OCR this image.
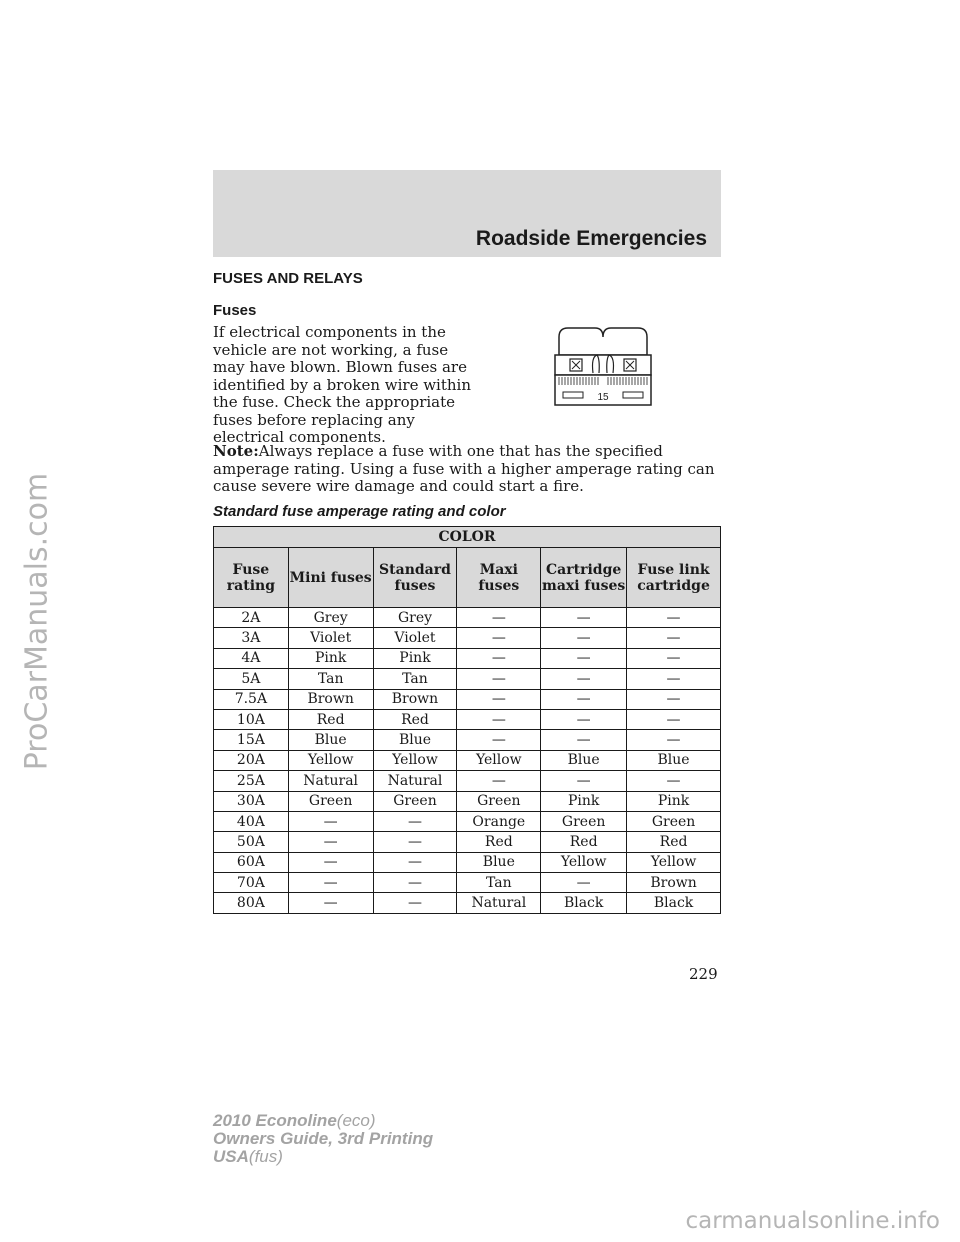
ProCarManuals.com
Roadside Emergencies
FUSES AND RELAYS
Fuses
If electrical components in the vehicle are not working, a fuse may have blown. Blown fuses are identified by a broken wire within the fuse. Check the appropriate fuses before replacing any electrical components.
15
Note:Always replace a fuse with one that has the specified amperage rating. Using a fuse with a higher amperage rating can cause severe wire damage and could start a fire.
Standard fuse amperage rating and color
COLOR					
Fuse rating	Mini fuses	Standard fuses	Maxi fuses	Cartridge maxi fuses	Fuse link cartridge
2A	Grey	Grey	—	—	—
3A	Violet	Violet	—	—	—
4A	Pink	Pink	—	—	—
5A	Tan	Tan	—	—	—
7.5A	Brown	Brown	—	—	—
10A	Red	Red	—	—	—
15A	Blue	Blue	—	—	—
20A	Yellow	Yellow	Yellow	Blue	Blue
25A	Natural	Natural	—	—	—
30A	Green	Green	Green	Pink	Pink
40A	—	—	Orange	Green	Green
50A	—	—	Red	Red	Red
60A	—	—	Blue	Yellow	Yellow
70A	—	—	Tan	—	Brown
80A	—	—	Natural	Black	Black
229
2010 Econoline(eco)
Owners Guide, 3rd Printing
USA(fus)
carmanualsonline.info
